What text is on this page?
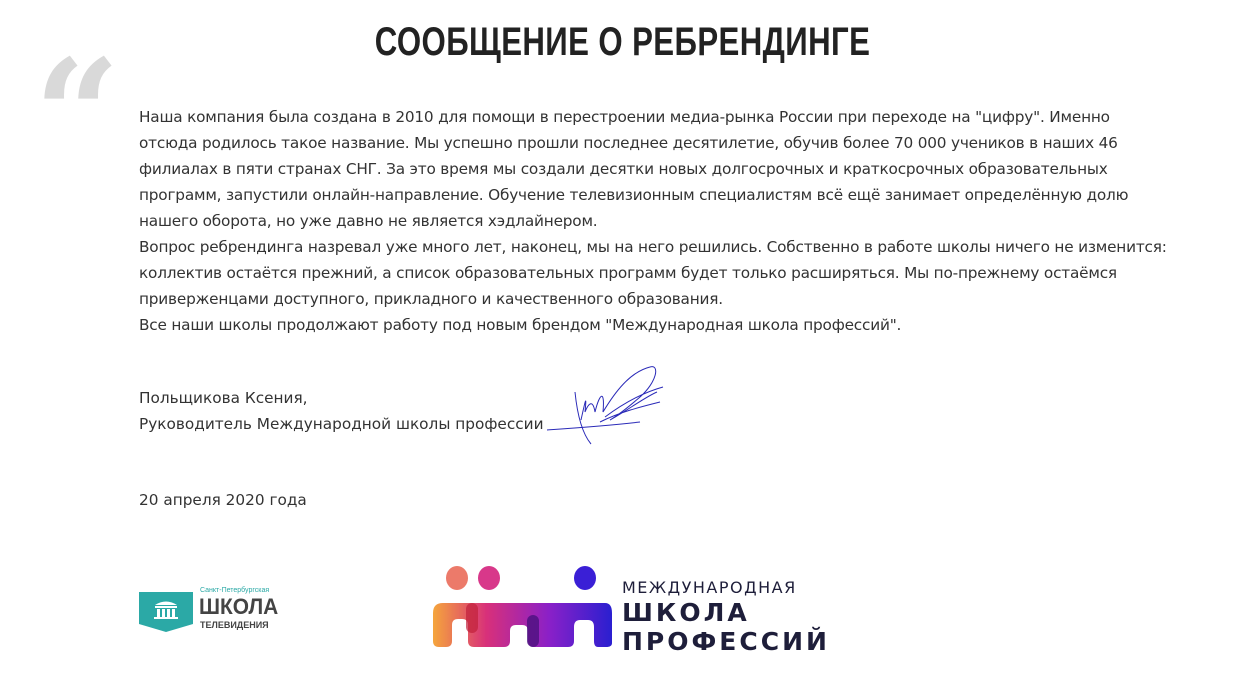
СООБЩЕНИЕ О РЕБРЕНДИНГЕ
“ Наша компания была создана в 2010 для помощи в перестроении медиа-рынка России при переходе на "цифру". Именно
отсюда родилось такое название. Мы успешно прошли последнее десятилетие, обучив более 70 000 учеников в наших 46
филиалах в пяти странах СНГ. За это время мы создали десятки новых долгосрочных и краткосрочных образовательных
программ, запустили онлайн-направление. Обучение телевизионным специалистям всё ещё занимает определённую долю
нашего оборота, но уже давно не является хэдлайнером.
Вопрос ребрендинга назревал уже много лет, наконец, мы на него решились. Собственно в работе школы ничего не изменится:
коллектив остаётся прежний, а список образовательных программ будет только расширяться. Мы по-прежнему остаёмся
приверженцами доступного, прикладного и качественного образования.
Все наши школы продолжают работу под новым брендом "Международная школа профессий".
Польщикова Ксения,
Руководитель Международной школы профессии
20 апреля 2020 года
Санкт-Петербургская
ШКОЛА
ТЕЛЕВИДЕНИЯ
МЕЖДУНАРОДНАЯ
ШКОЛА
ПРОФЕССИЙ
